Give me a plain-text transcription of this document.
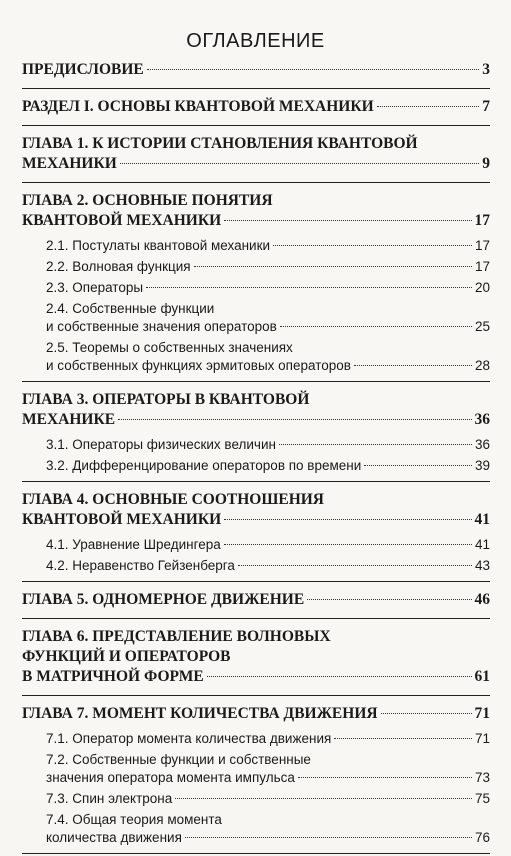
ОГЛАВЛЕНИЕ
ПРЕДИСЛОВИЕ	3
РАЗДЕЛ I. ОСНОВЫ КВАНТОВОЙ МЕХАНИКИ	7
ГЛАВА 1. К ИСТОРИИ СТАНОВЛЕНИЯ КВАНТОВОЙ
МЕХАНИКИ	9
ГЛАВА 2. ОСНОВНЫЕ ПОНЯТИЯ
КВАНТОВОЙ МЕХАНИКИ	17
2.1. Постулаты квантовой механики	17
2.2. Волновая функция	17
2.3. Операторы	20
2.4. Собственные функции
и собственные значения операторов	25
2.5. Теоремы о собственных значениях
и собственных функциях эрмитовых операторов	28
ГЛАВА 3. ОПЕРАТОРЫ В КВАНТОВОЙ
МЕХАНИКЕ	36
3.1. Операторы физических величин	36
3.2. Дифференцирование операторов по времени	39
ГЛАВА 4. ОСНОВНЫЕ СООТНОШЕНИЯ
КВАНТОВОЙ МЕХАНИКИ	41
4.1. Уравнение Шредингера	41
4.2. Неравенство Гейзенберга	43
ГЛАВА 5. ОДНОМЕРНОЕ ДВИЖЕНИЕ	46
ГЛАВА 6. ПРЕДСТАВЛЕНИЕ ВОЛНОВЫХ
ФУНКЦИЙ И ОПЕРАТОРОВ
В МАТРИЧНОЙ ФОРМЕ	61
ГЛАВА 7. МОМЕНТ КОЛИЧЕСТВА ДВИЖЕНИЯ	71
7.1. Оператор момента количества движения	71
7.2. Собственные функции и собственные
значения оператора момента импульса	73
7.3. Спин электрона	75
7.4. Общая теория момента
количества движения	76
